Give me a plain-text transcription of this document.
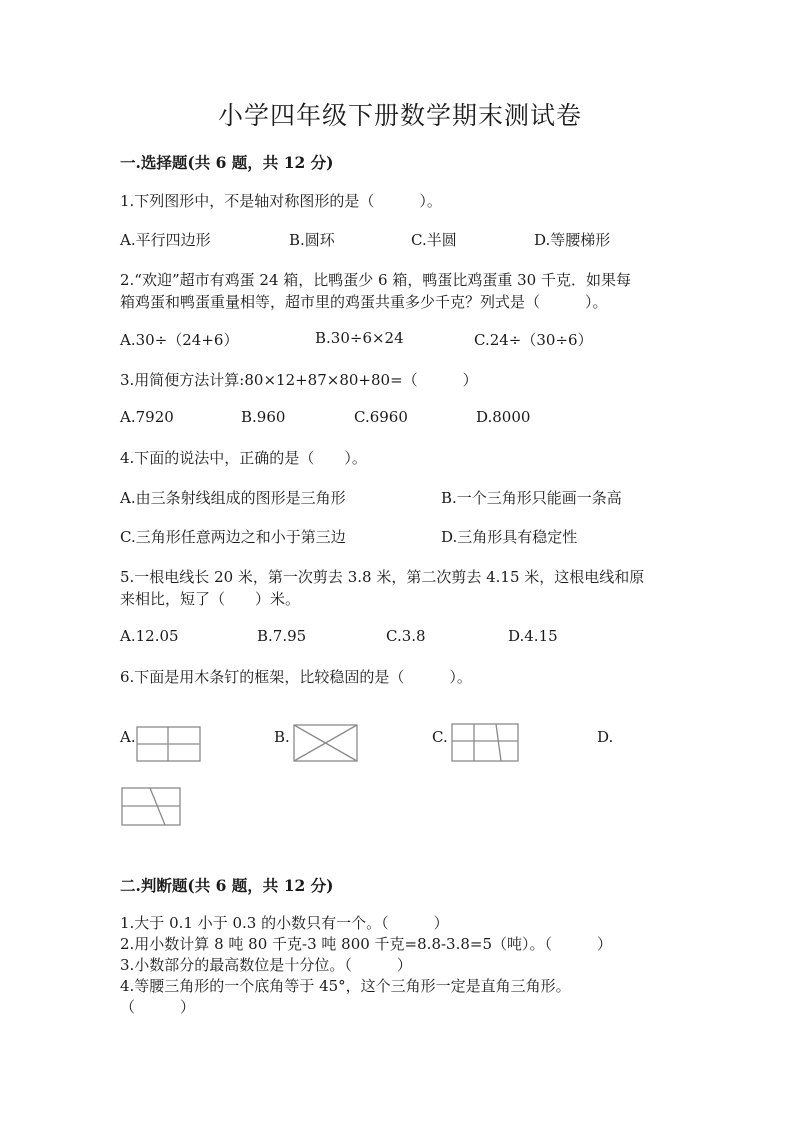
小学四年级下册数学期末测试卷
一.选择题(共 6 题，共 12 分)
1.下列图形中，不是轴对称图形的是（　　　）。
A.平行四边形	B.圆环	C.半圆	D.等腰梯形
2.“欢迎”超市有鸡蛋 24 箱，比鸭蛋少 6 箱，鸭蛋比鸡蛋重 30 千克．如果每
箱鸡蛋和鸭蛋重量相等，超市里的鸡蛋共重多少千克？列式是（　　　）。
A.30÷（24+6）	B.30÷6×24	C.24÷（30÷6）
3.用简便方法计算:80×12+87×80+80=（　　　）
A.7920	B.960	C.6960	D.8000
4.下面的说法中，正确的是（　　）。
A.由三条射线组成的图形是三角形	B.一个三角形只能画一条高
C.三角形任意两边之和小于第三边	D.三角形具有稳定性
5.一根电线长 20 米，第一次剪去 3.8 米，第二次剪去 4.15 米，这根电线和原
来相比，短了（　　）米。
A.12.05	B.7.95	C.3.8	D.4.15
6.下面是用木条钉的框架，比较稳固的是（　　　）。
A.	B.	C.	D.
二.判断题(共 6 题，共 12 分)
1.大于 0.1 小于 0.3 的小数只有一个。（　　　）
2.用小数计算 8 吨 80 千克-3 吨 800 千克=8.8-3.8=5（吨）。（　　　）
3.小数部分的最高数位是十分位。（　　　）
4.等腰三角形的一个底角等于 45°，这个三角形一定是直角三角形。
（　　　）
